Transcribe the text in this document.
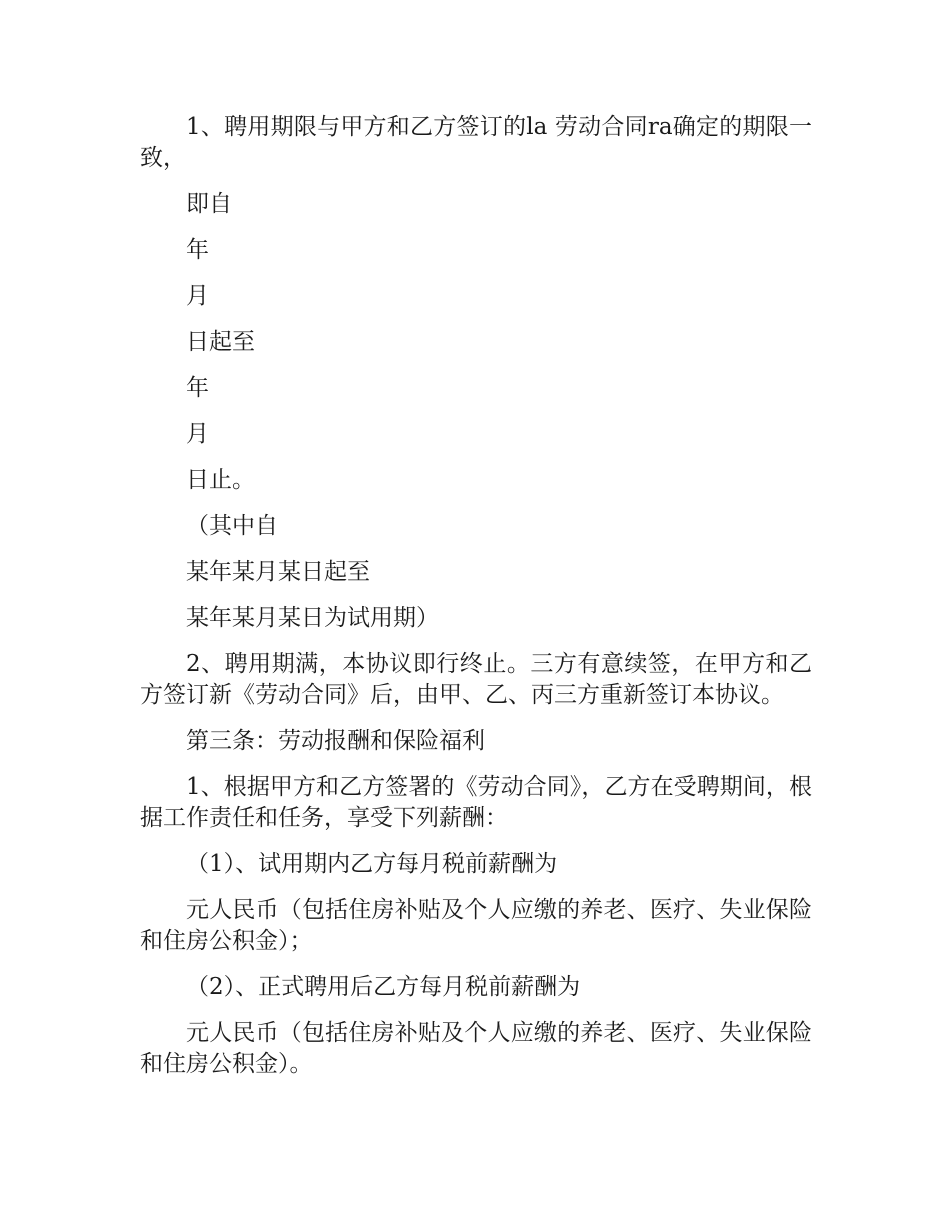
1、聘用期限与甲方和乙方签订的la 劳动合同ra确定的期限一致，

即自

年

月

日起至

年

月

日止。

（其中自

某年某月某日起至

某年某月某日为试用期）

2、聘用期满，本协议即行终止。三方有意续签，在甲方和乙方签订新《劳动合同》后，由甲、乙、丙三方重新签订本协议。

第三条：劳动报酬和保险福利

1、根据甲方和乙方签署的《劳动合同》，乙方在受聘期间，根据工作责任和任务，享受下列薪酬：

（1）、试用期内乙方每月税前薪酬为

元人民币（包括住房补贴及个人应缴的养老、医疗、失业保险和住房公积金）；

（2）、正式聘用后乙方每月税前薪酬为

元人民币（包括住房补贴及个人应缴的养老、医疗、失业保险和住房公积金）。
